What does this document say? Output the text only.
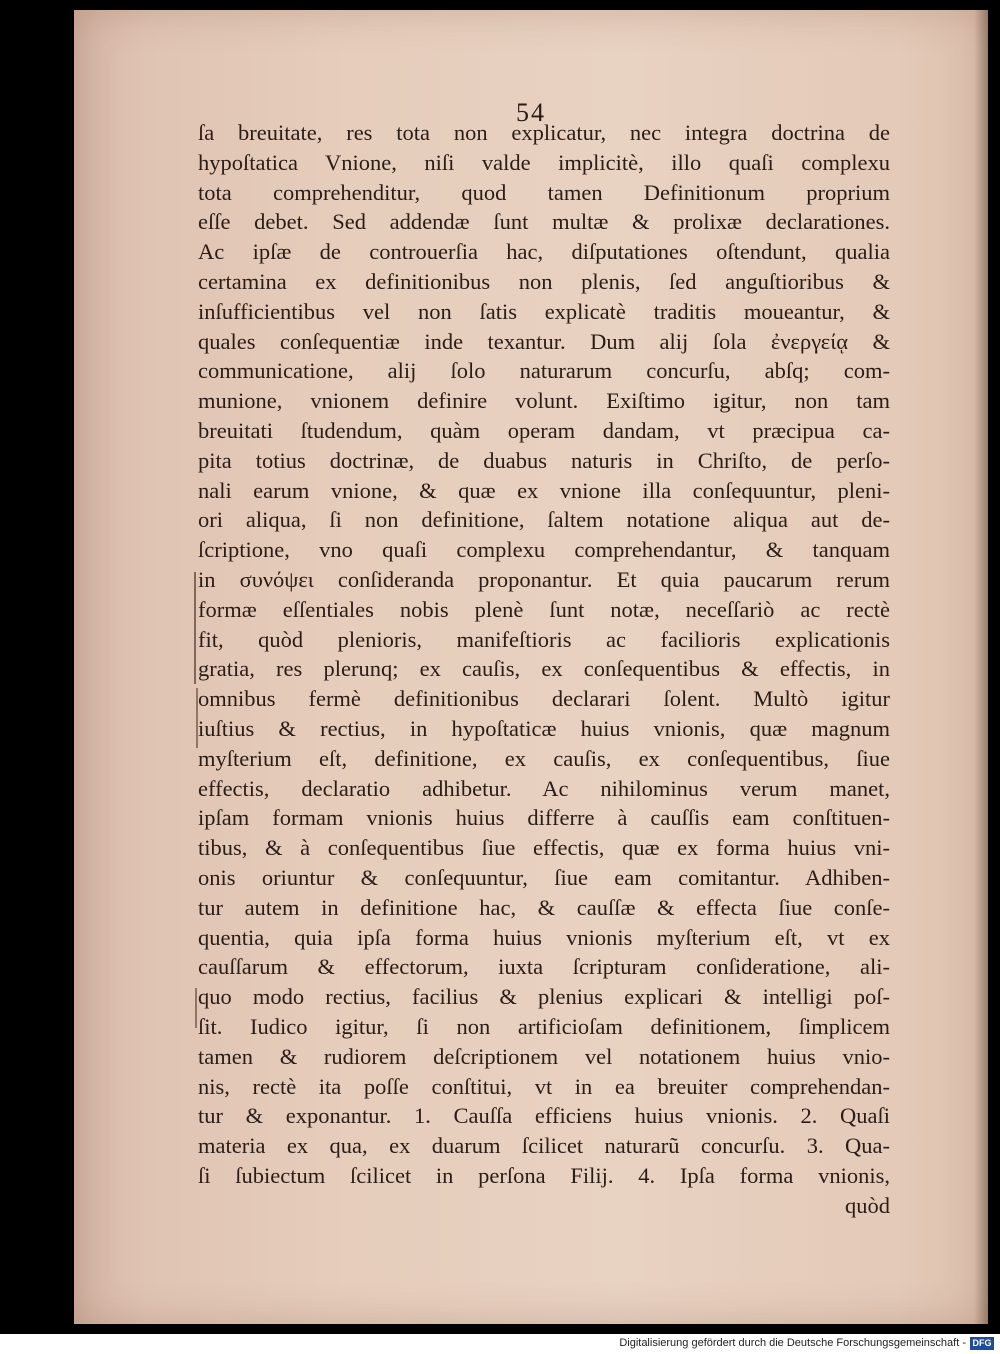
54
ſa breuitate, res tota non explicatur, nec integra doctrina de
hypoſtatica Vnione, niſi valde implicitè, illo quaſi complexu
tota comprehenditur, quod tamen Definitionum proprium
eſſe debet. Sed addendæ ſunt multæ & prolixæ declarationes.
Ac ipſæ de controuerſia hac, diſputationes oſtendunt, qualia
certamina ex definitionibus non plenis, ſed anguſtioribus &
inſufficientibus vel non ſatis explicatè traditis moueantur, &
quales conſequentiæ inde texantur. Dum alij ſola ἐνεργείᾳ &
communicatione, alij ſolo naturarum concurſu, abſq; com-
munione, vnionem definire volunt. Exiſtimo igitur, non tam
breuitati ſtudendum, quàm operam dandam, vt præcipua ca-
pita totius doctrinæ, de duabus naturis in Chriſto, de perſo-
nali earum vnione, & quæ ex vnione illa conſequuntur, pleni-
ori aliqua, ſi non definitione, ſaltem notatione aliqua aut de-
ſcriptione, vno quaſi complexu comprehendantur, & tanquam
in συνόψει conſideranda proponantur. Et quia paucarum rerum
formæ eſſentiales nobis plenè ſunt notæ, neceſſariò ac rectè
fit, quòd plenioris, manifeſtioris ac facilioris explicationis
gratia, res plerunq; ex cauſis, ex conſequentibus & effectis, in
omnibus fermè definitionibus declarari ſolent. Multò igitur
iuſtius & rectius, in hypoſtaticæ huius vnionis, quæ magnum
myſterium eſt, definitione, ex cauſis, ex conſequentibus, ſiue
effectis, declaratio adhibetur. Ac nihilominus verum manet,
ipſam formam vnionis huius differre à cauſſis eam conſtituen-
tibus, & à conſequentibus ſiue effectis, quæ ex forma huius vni-
onis oriuntur & conſequuntur, ſiue eam comitantur. Adhiben-
tur autem in definitione hac, & cauſſæ & effecta ſiue conſe-
quentia, quia ipſa forma huius vnionis myſterium eſt, vt ex
cauſſarum & effectorum, iuxta ſcripturam conſideratione, ali-
quo modo rectius, facilius & plenius explicari & intelligi poſ-
ſit. Iudico igitur, ſi non artificioſam definitionem, ſimplicem
tamen & rudiorem deſcriptionem vel notationem huius vnio-
nis, rectè ita poſſe conſtitui, vt in ea breuiter comprehendan-
tur & exponantur. 1. Cauſſa efficiens huius vnionis. 2. Quaſi
materia ex qua, ex duarum ſcilicet naturarũ concurſu. 3. Qua-
ſi ſubiectum ſcilicet in perſona Filij. 4. Ipſa forma vnionis,
quòd
Digitalisierung gefördert durch die Deutsche Forschungsgemeinschaft - DFG
